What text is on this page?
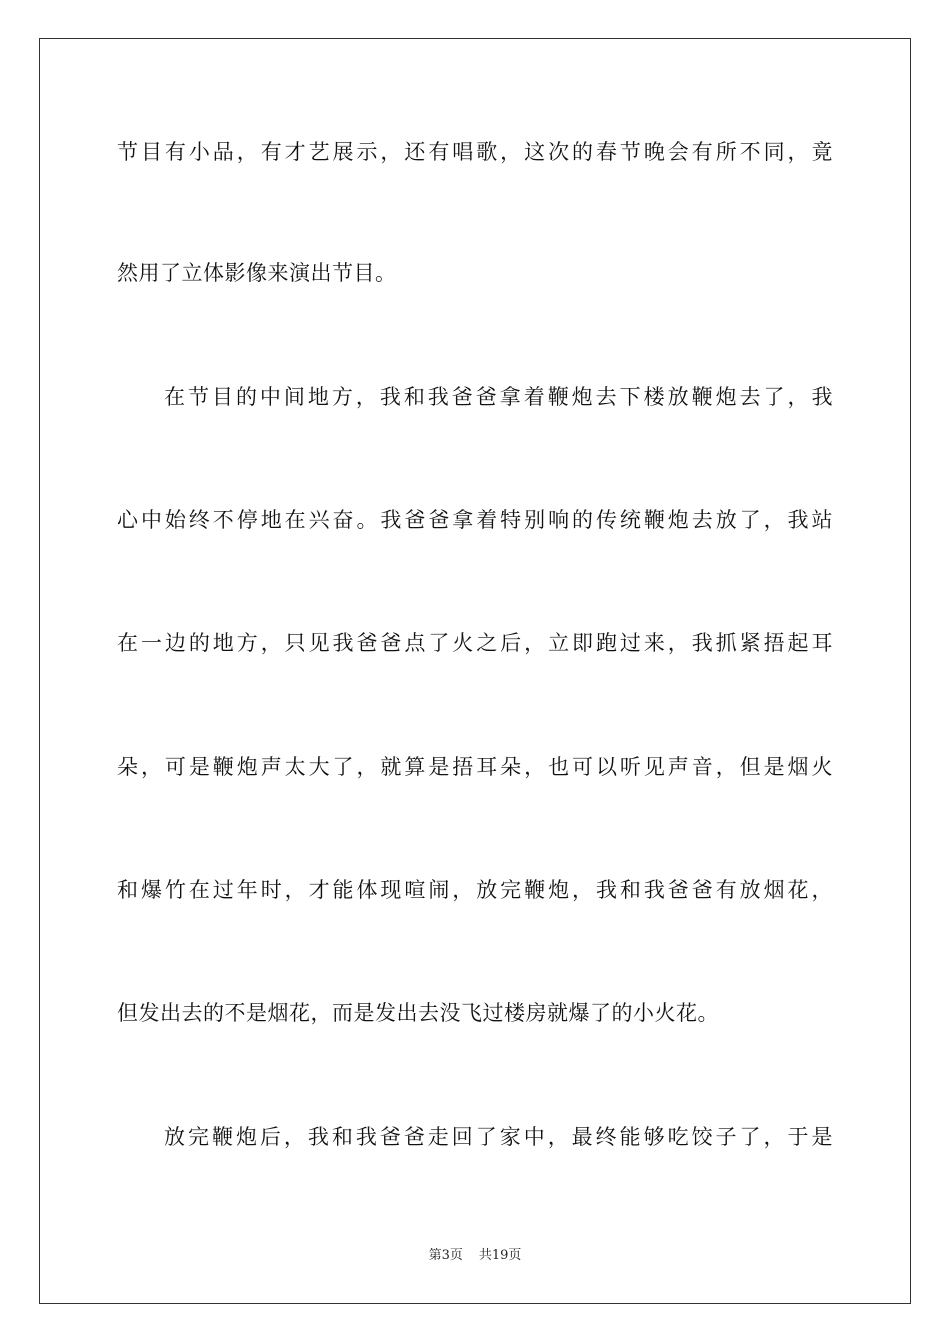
节目有小品，有才艺展示，还有唱歌，这次的春节晚会有所不同，竟
然用了立体影像来演出节目。
在节目的中间地方，我和我爸爸拿着鞭炮去下楼放鞭炮去了，我
心中始终不停地在兴奋。我爸爸拿着特别响的传统鞭炮去放了，我站
在一边的地方，只见我爸爸点了火之后，立即跑过来，我抓紧捂起耳
朵，可是鞭炮声太大了，就算是捂耳朵，也可以听见声音，但是烟火
和爆竹在过年时，才能体现喧闹，放完鞭炮，我和我爸爸有放烟花，
但发出去的不是烟花，而是发出去没飞过楼房就爆了的小火花。
放完鞭炮后，我和我爸爸走回了家中，最终能够吃饺子了，于是
第3页 共19页
